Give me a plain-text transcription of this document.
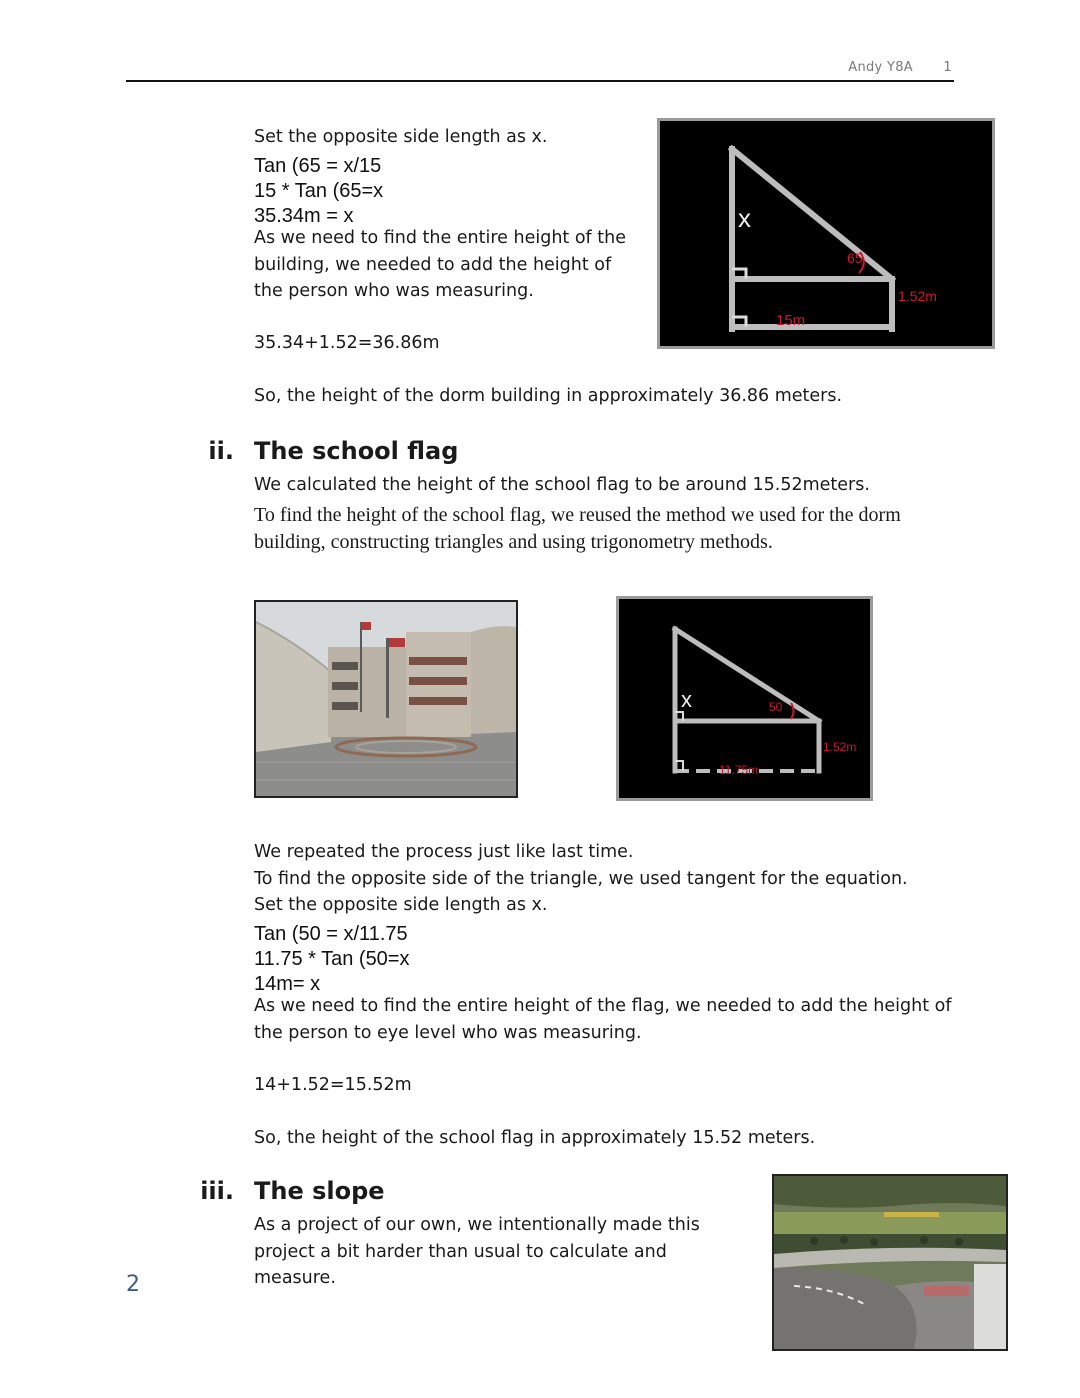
Andy Y8A 1
Set the opposite side length as x.
Tan (65 = x/15
15 * Tan (65=x
35.34m = x
As we need to find the entire height of the building, we needed to add the height of the person who was measuring.
35.34+1.52=36.86m
So, the height of the dorm building in approximately 36.86 meters.
x
65
1.52m
15m
ii. The school flag
We calculated the height of the school flag to be around 15.52meters.
To find the height of the school flag, we reused the method we used for the dorm building, constructing triangles and using trigonometry methods.
x	50
1.52m
11.75m
We repeated the process just like last time.
To find the opposite side of the triangle, we used tangent for the equation.
Set the opposite side length as x.
Tan (50 = x/11.75
11.75 * Tan (50=x
14m= x
As we need to find the entire height of the flag, we needed to add the height of the person to eye level who was measuring.
14+1.52=15.52m
So, the height of the school flag in approximately 15.52 meters.
iii. The slope
As a project of our own, we intentionally made this project a bit harder than usual to calculate and measure.
2
